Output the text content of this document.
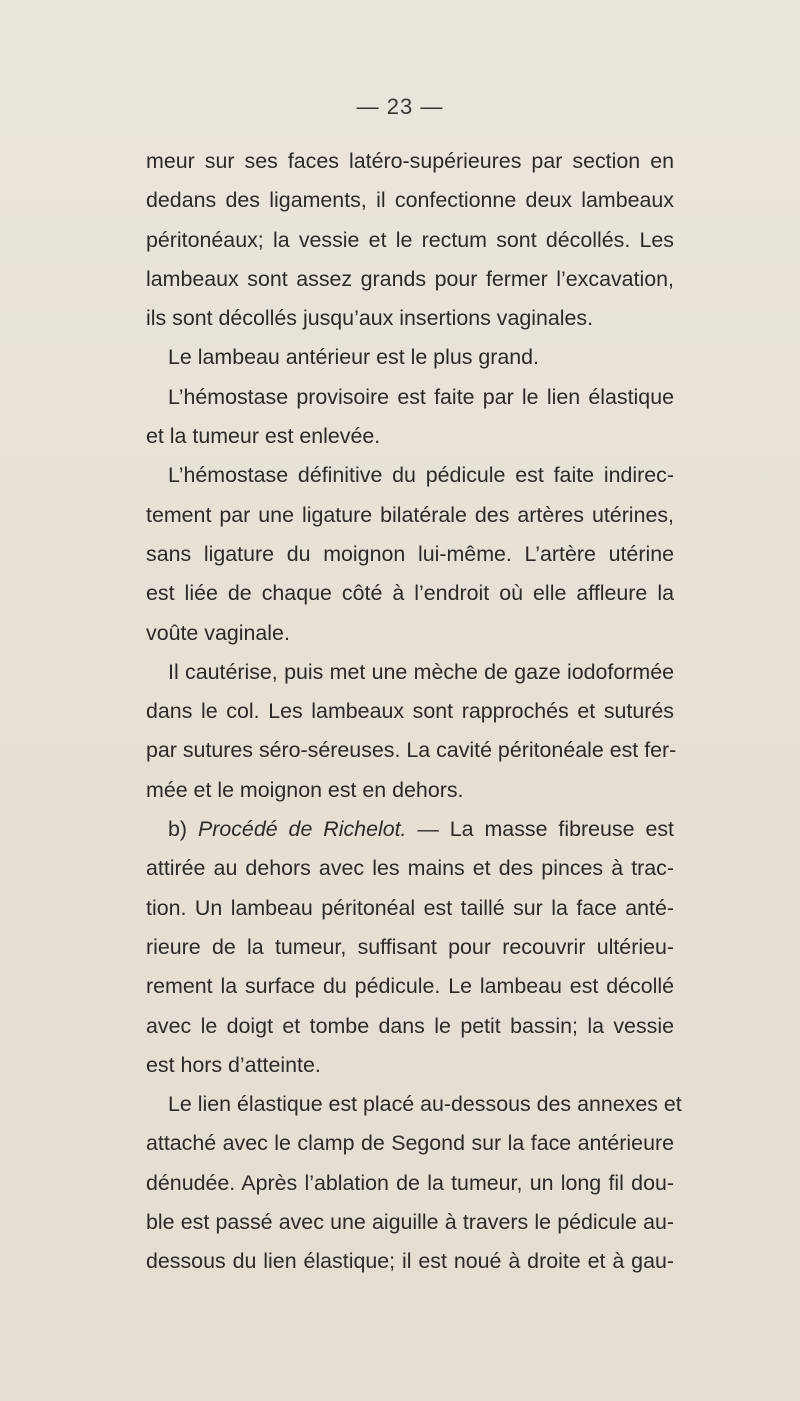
— 23 —
meur sur ses faces latéro-supérieures par section en
dedans des ligaments, il confectionne deux lambeaux
péritonéaux; la vessie et le rectum sont décollés. Les
lambeaux sont assez grands pour fermer l’excavation,
ils sont décollés jusqu’aux insertions vaginales.
Le lambeau antérieur est le plus grand.
L’hémostase provisoire est faite par le lien élastique
et la tumeur est enlevée.
L’hémostase définitive du pédicule est faite indirec-
tement par une ligature bilatérale des artères utérines,
sans ligature du moignon lui-même. L’artère utérine
est liée de chaque côté à l’endroit où elle affleure la
voûte vaginale.
Il cautérise, puis met une mèche de gaze iodoformée
dans le col. Les lambeaux sont rapprochés et suturés
par sutures séro-séreuses. La cavité péritonéale est fer-
mée et le moignon est en dehors.
b) Procédé de Richelot. — La masse fibreuse est
attirée au dehors avec les mains et des pinces à trac-
tion. Un lambeau péritonéal est taillé sur la face anté-
rieure de la tumeur, suffisant pour recouvrir ultérieu-
rement la surface du pédicule. Le lambeau est décollé
avec le doigt et tombe dans le petit bassin; la vessie
est hors d’atteinte.
Le lien élastique est placé au-dessous des annexes et
attaché avec le clamp de Segond sur la face antérieure
dénudée. Après l’ablation de la tumeur, un long fil dou-
ble est passé avec une aiguille à travers le pédicule au-
dessous du lien élastique; il est noué à droite et à gau-
